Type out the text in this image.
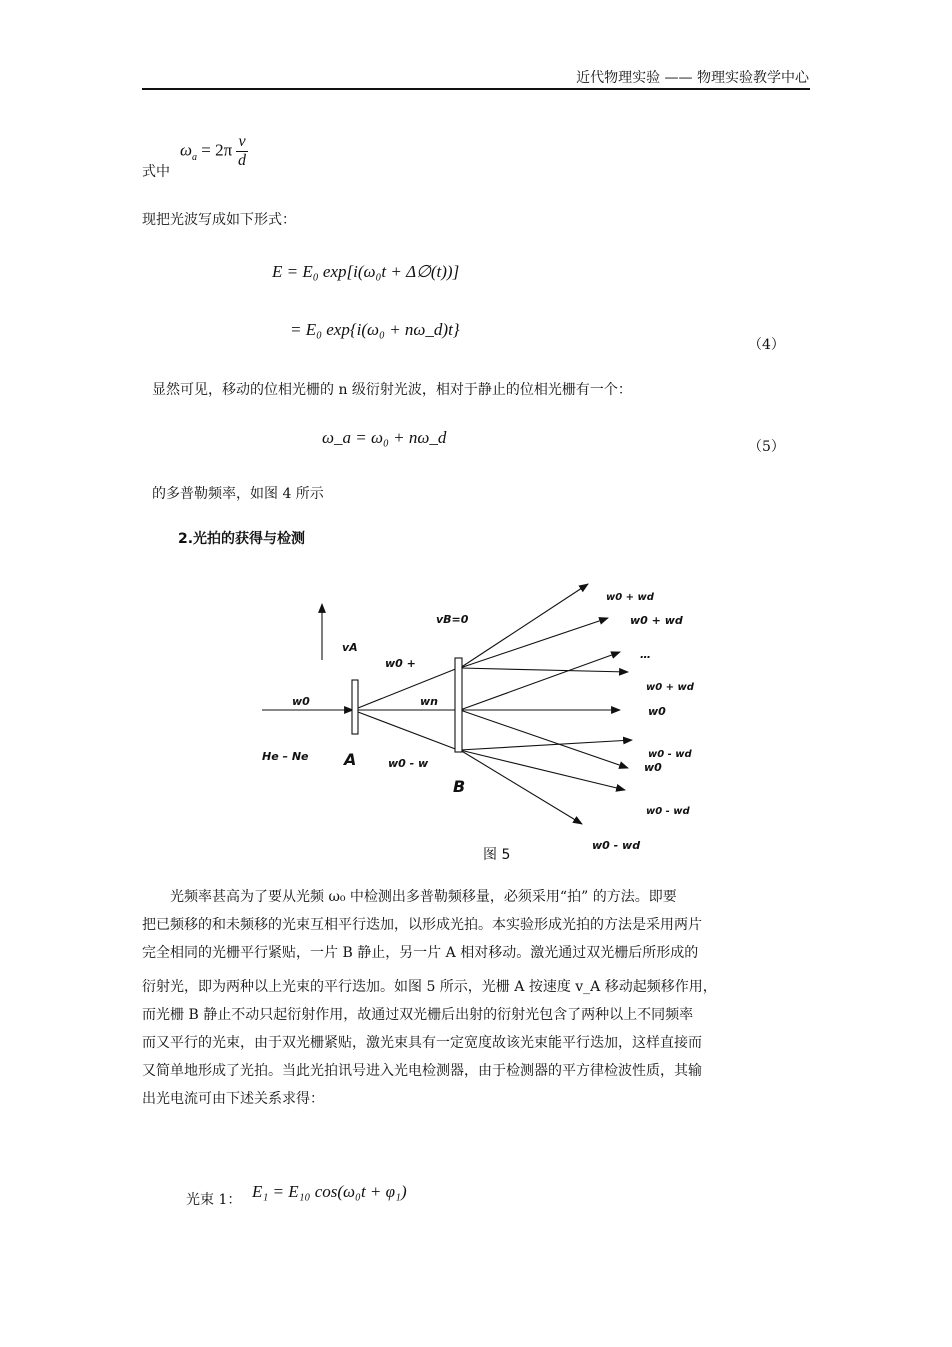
近代物理实验 —— 物理实验教学中心
式中
$\omega_a = 2\pi \frac{v}{d}$
现把光波写成如下形式：
E = E₀ exp[i(ω₀t + Δ∅(t))]
= E₀ exp{i(ω₀ + nω_d)t}
（4）
显然可见，移动的位相光栅的 n 级衍射光波，相对于静止的位相光栅有一个：
ω_a = ω₀ + nω_d	（5）
的多普勒频率，如图 4 所示
2.光拍的获得与检测
vA
vB=0
w0
w0 +
wn
w0 - w
He – Ne
w0 + wd
w0 + wd
…
w0 + wd
w0
w0 - wd
w0
w0 - wd
w0 - wd
A
B
图 5

光频率甚高为了要从光频 ω₀ 中检测出多普勒频移量，必须采用“拍” 的方法。即要

把已频移的和未频移的光束互相平行迭加，以形成光拍。本实验形成光拍的方法是采用两片

完全相同的光栅平行紧贴，一片 B 静止，另一片 A 相对移动。激光通过双光栅后所形成的

衍射光，即为两种以上光束的平行迭加。如图 5 所示，光栅 A 按速度 v_A 移动起频移作用，

而光栅 B 静止不动只起衍射作用，故通过双光栅后出射的衍射光包含了两种以上不同频率

而又平行的光束，由于双光栅紧贴，激光束具有一定宽度故该光束能平行迭加，这样直接而

又简单地形成了光拍。当此光拍讯号进入光电检测器，由于检测器的平方律检波性质，其输

出光电流可由下述关系求得：

光束 1： E₁ = E₁₀ cos(ω₀t + φ₁)
